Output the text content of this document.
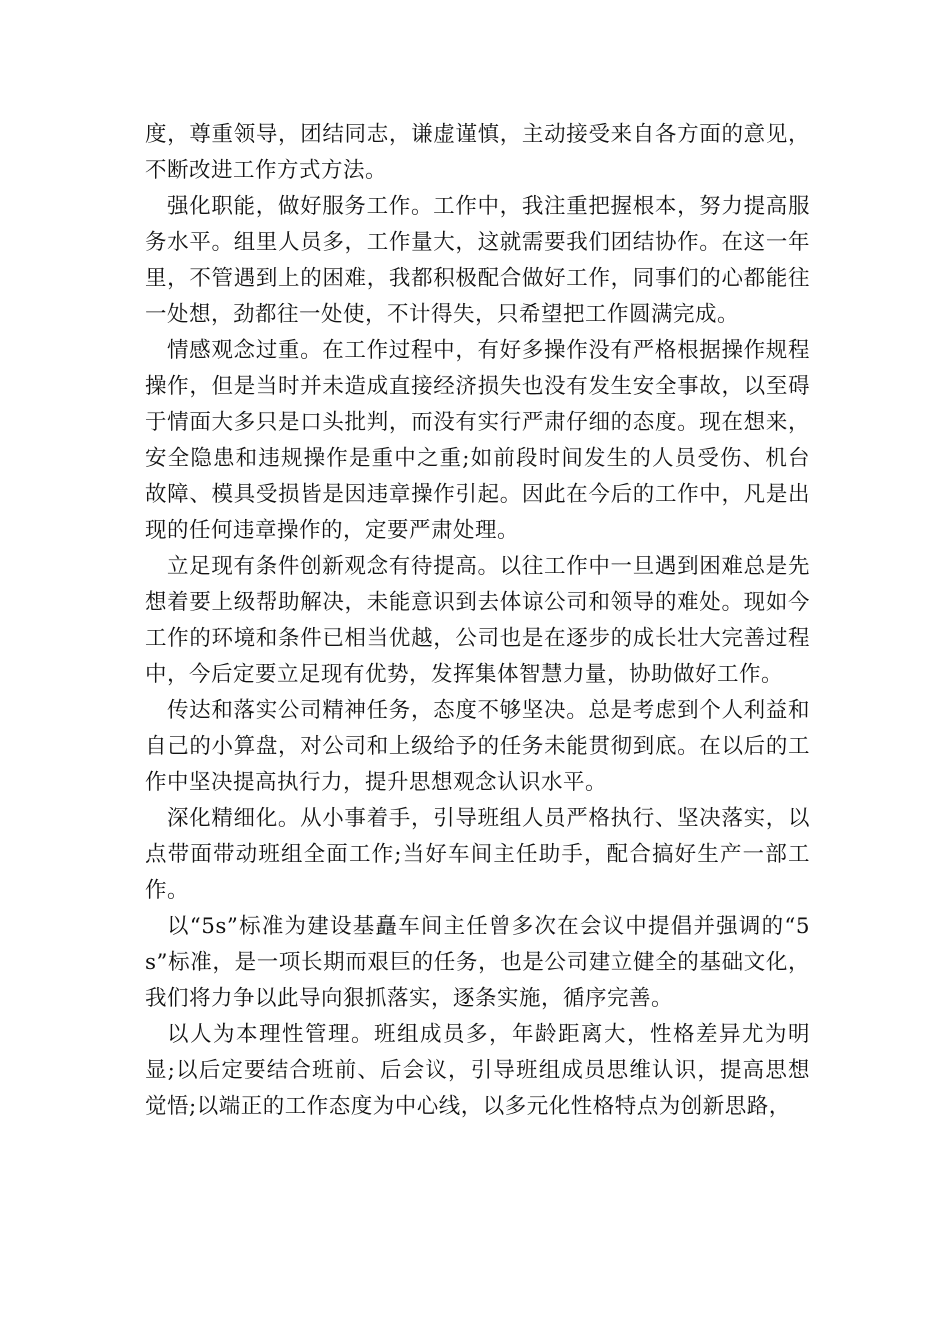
度，尊重领导，团结同志，谦虚谨慎，主动接受来自各方面的意见，不断改进工作方式方法。

强化职能，做好服务工作。工作中，我注重把握根本，努力提高服务水平。组里人员多，工作量大，这就需要我们团结协作。在这一年里，不管遇到上的困难，我都积极配合做好工作，同事们的心都能往一处想，劲都往一处使，不计得失，只希望把工作圆满完成。

情感观念过重。在工作过程中，有好多操作没有严格根据操作规程操作，但是当时并未造成直接经济损失也没有发生安全事故，以至碍于情面大多只是口头批判，而没有实行严肃仔细的态度。现在想来，安全隐患和违规操作是重中之重;如前段时间发生的人员受伤、机台故障、模具受损皆是因违章操作引起。因此在今后的工作中，凡是出现的任何违章操作的，定要严肃处理。

立足现有条件创新观念有待提高。以往工作中一旦遇到困难总是先想着要上级帮助解决，未能意识到去体谅公司和领导的难处。现如今工作的环境和条件已相当优越，公司也是在逐步的成长壮大完善过程中，今后定要立足现有优势，发挥集体智慧力量，协助做好工作。

传达和落实公司精神任务，态度不够坚决。总是考虑到个人利益和自己的小算盘，对公司和上级给予的任务未能贯彻到底。在以后的工作中坚决提高执行力，提升思想观念认识水平。

深化精细化。从小事着手，引导班组人员严格执行、坚决落实，以点带面带动班组全面工作;当好车间主任助手，配合搞好生产一部工作。

以“5s”标准为建设基矗车间主任曾多次在会议中提倡并强调的“5s”标准，是一项长期而艰巨的任务，也是公司建立健全的基础文化，我们将力争以此导向狠抓落实，逐条实施，循序完善。

以人为本理性管理。班组成员多，年龄距离大，性格差异尤为明显;以后定要结合班前、后会议，引导班组成员思维认识，提高思想觉悟;以端正的工作态度为中心线，以多元化性格特点为创新思路，
